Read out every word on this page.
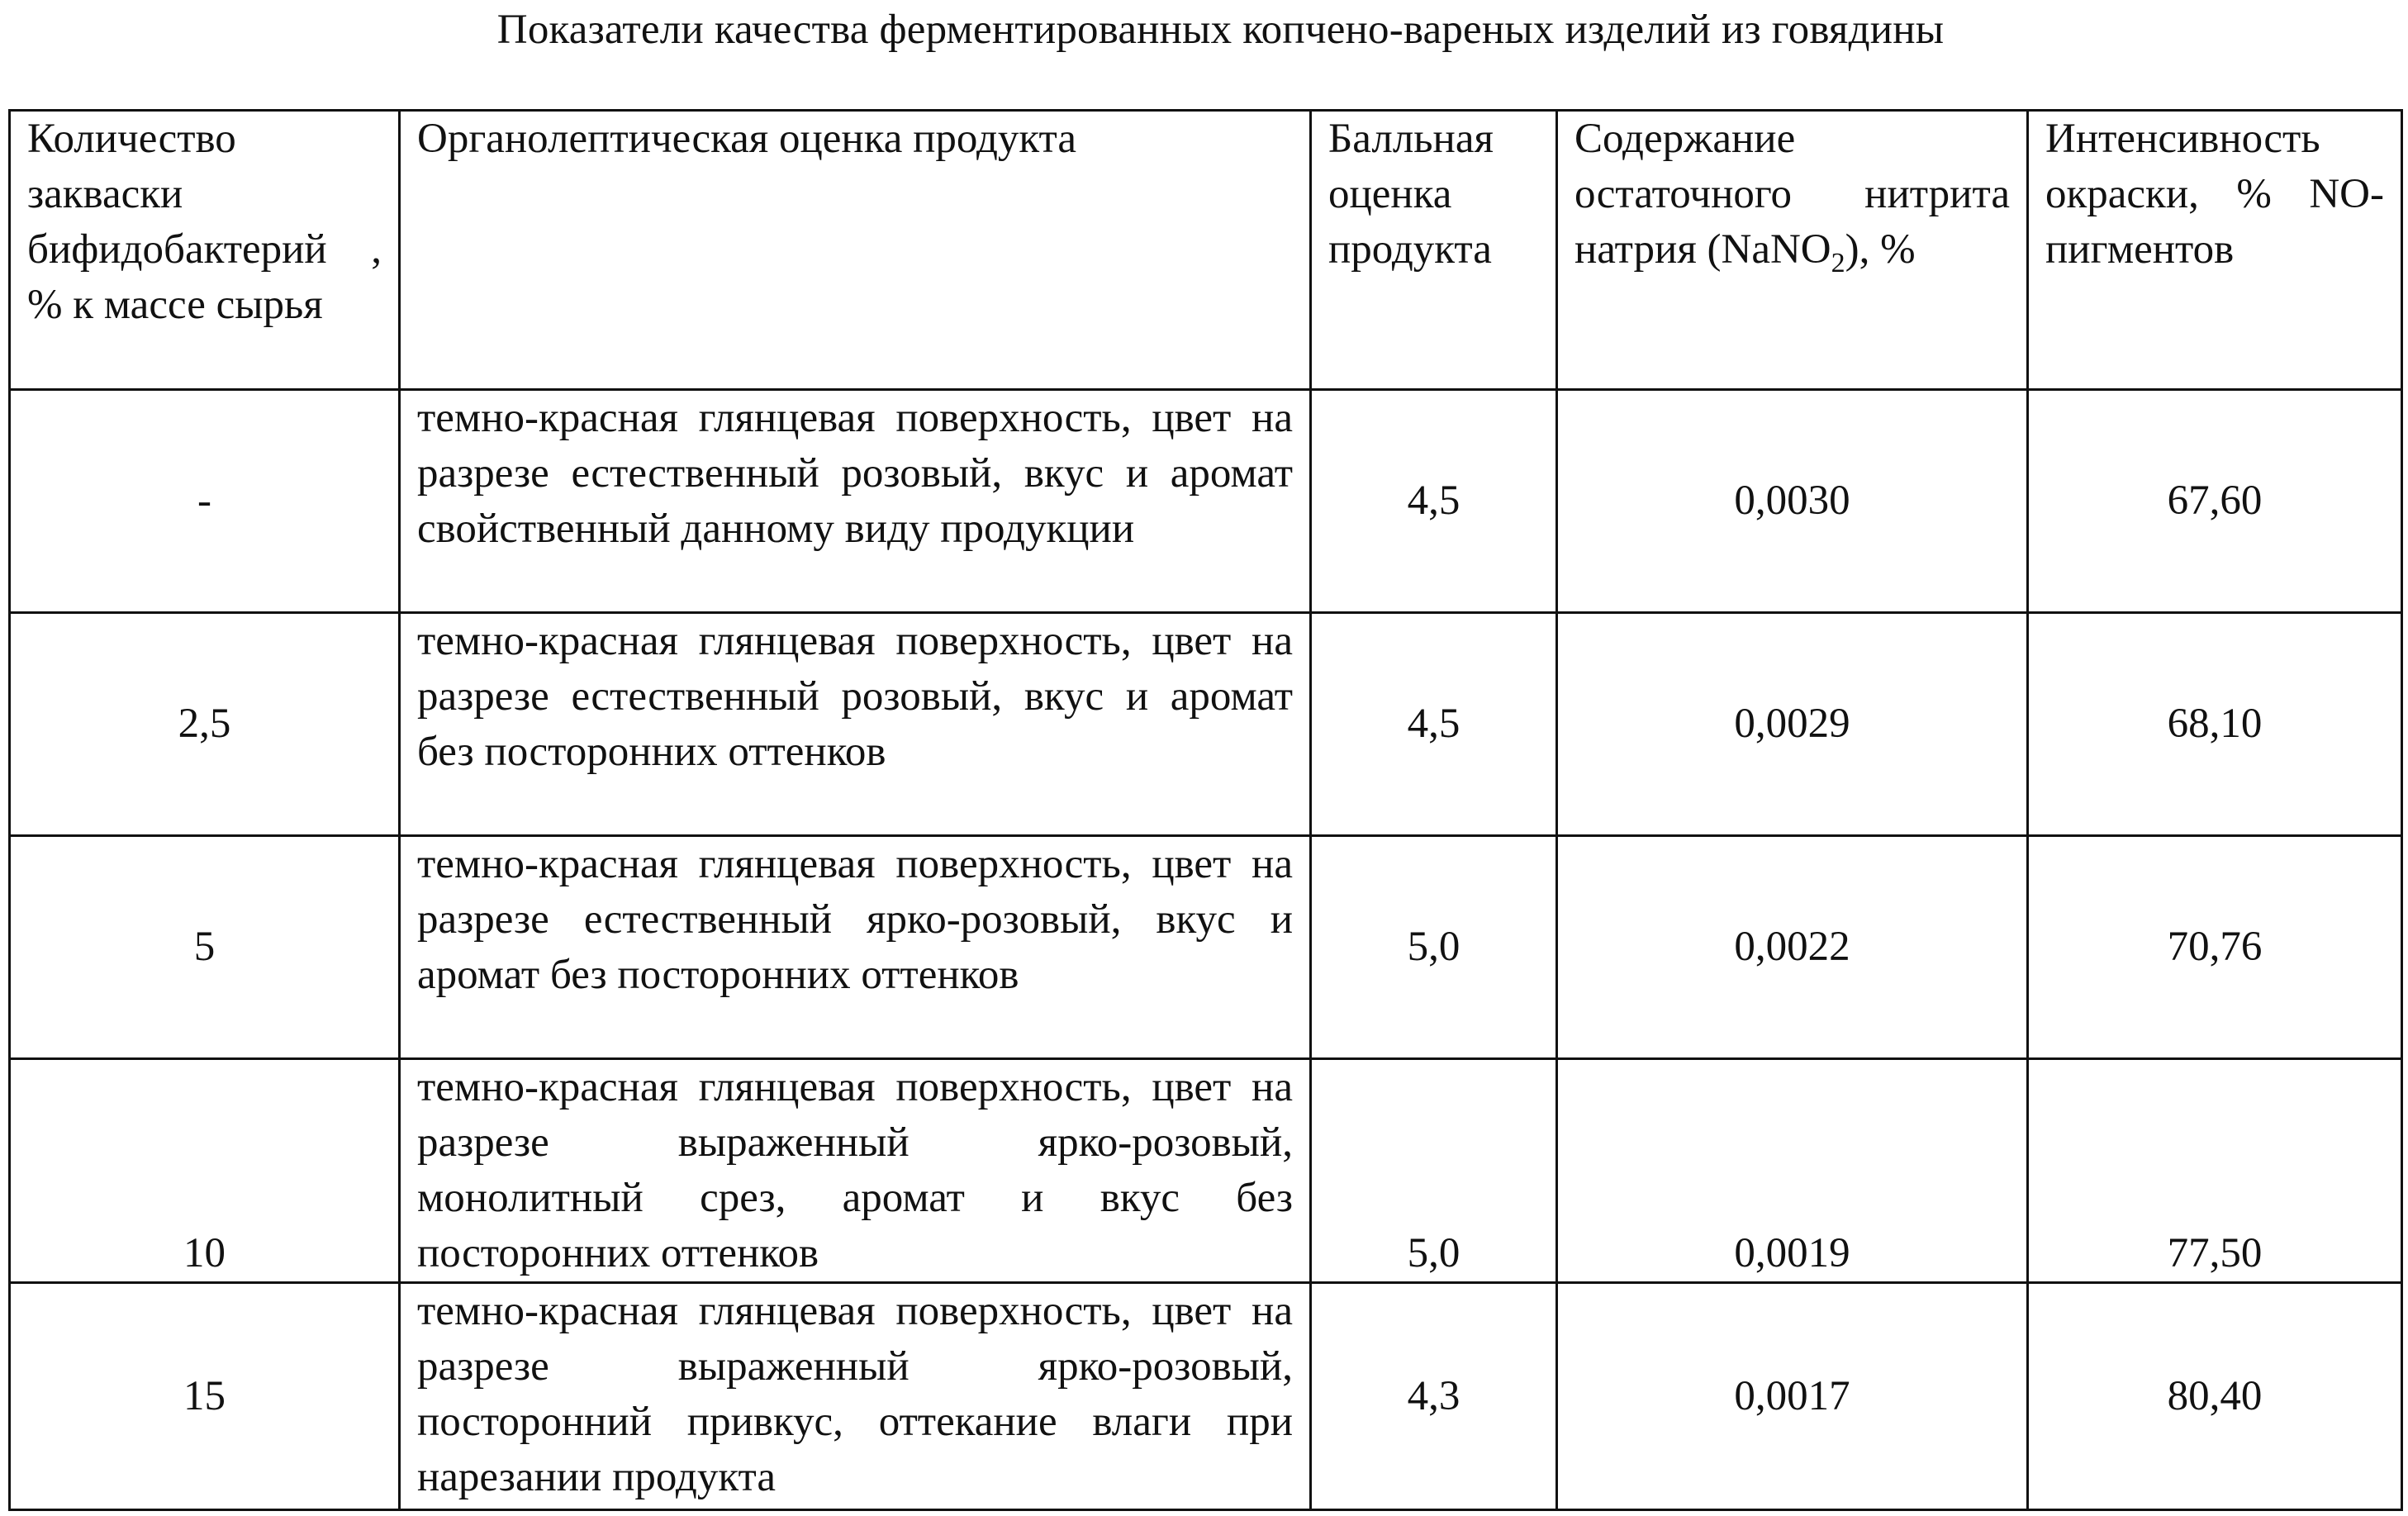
Показатели качества ферментированных копчено-вареных изделий из говядины
Количество закваски бифидобактерий , % к массе сырья	Органолептическая оценка продукта	Балльная оценка продукта	Содержание остаточного нитрита натрия (NaNO$_2$), %	Интенсивность окраски, % NO-пигментов
-	темно-красная глянцевая поверхность, цвет на разрезе естественный розовый, вкус и аромат свойственный данному виду продукции	4,5	0,0030	67,60
2,5	темно-красная глянцевая поверхность, цвет на разрезе естественный розовый, вкус и аромат без посторонних оттенков	4,5	0,0029	68,10
5	темно-красная глянцевая поверхность, цвет на разрезе естественный ярко-розовый, вкус и аромат без посторонних оттенков	5,0	0,0022	70,76
10	темно-красная глянцевая поверхность, цвет на разрезе выраженный ярко-розовый, монолитный срез, аромат и вкус без посторонних оттенков	5,0	0,0019	77,50
15	темно-красная глянцевая поверхность, цвет на разрезе выраженный ярко-розовый, посторонний привкус, оттекание влаги при нарезании продукта	4,3	0,0017	80,40
